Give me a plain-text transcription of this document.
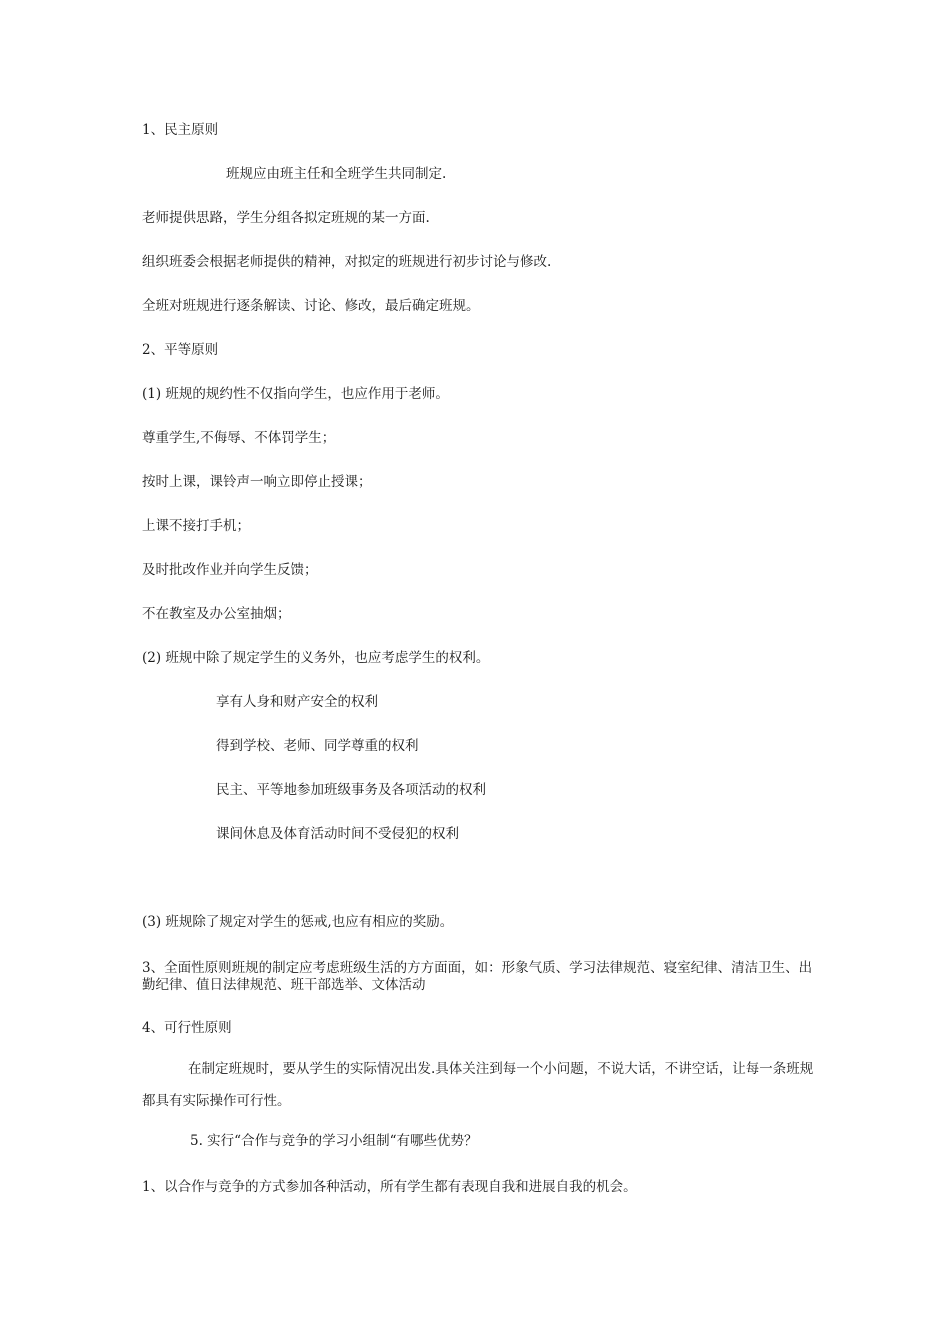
1、民主原则
班规应由班主任和全班学生共同制定.
老师提供思路，学生分组各拟定班规的某一方面.
组织班委会根据老师提供的精神，对拟定的班规进行初步讨论与修改.
全班对班规进行逐条解读、讨论、修改，最后确定班规。
2、平等原则
(1) 班规的规约性不仅指向学生，也应作用于老师。
尊重学生,不侮辱、不体罚学生；
按时上课，课铃声一响立即停止授课；
上课不接打手机；
及时批改作业并向学生反馈；
不在教室及办公室抽烟；
(2) 班规中除了规定学生的义务外，也应考虑学生的权利。
享有人身和财产安全的权利
得到学校、老师、同学尊重的权利
民主、平等地参加班级事务及各项活动的权利
课间休息及体育活动时间不受侵犯的权利
(3) 班规除了规定对学生的惩戒,也应有相应的奖励。
3、全面性原则班规的制定应考虑班级生活的方方面面，如：形象气质、学习法律规范、寝室纪律、清洁卫生、出勤纪律、值日法律规范、班干部选举、文体活动
4、可行性原则
在制定班规时，要从学生的实际情况出发.具体关注到每一个小问题，不说大话，不讲空话，让每一条班规都具有实际操作可行性。
5. 实行“合作与竞争的学习小组制“有哪些优势？
1、以合作与竞争的方式参加各种活动，所有学生都有表现自我和进展自我的机会。
